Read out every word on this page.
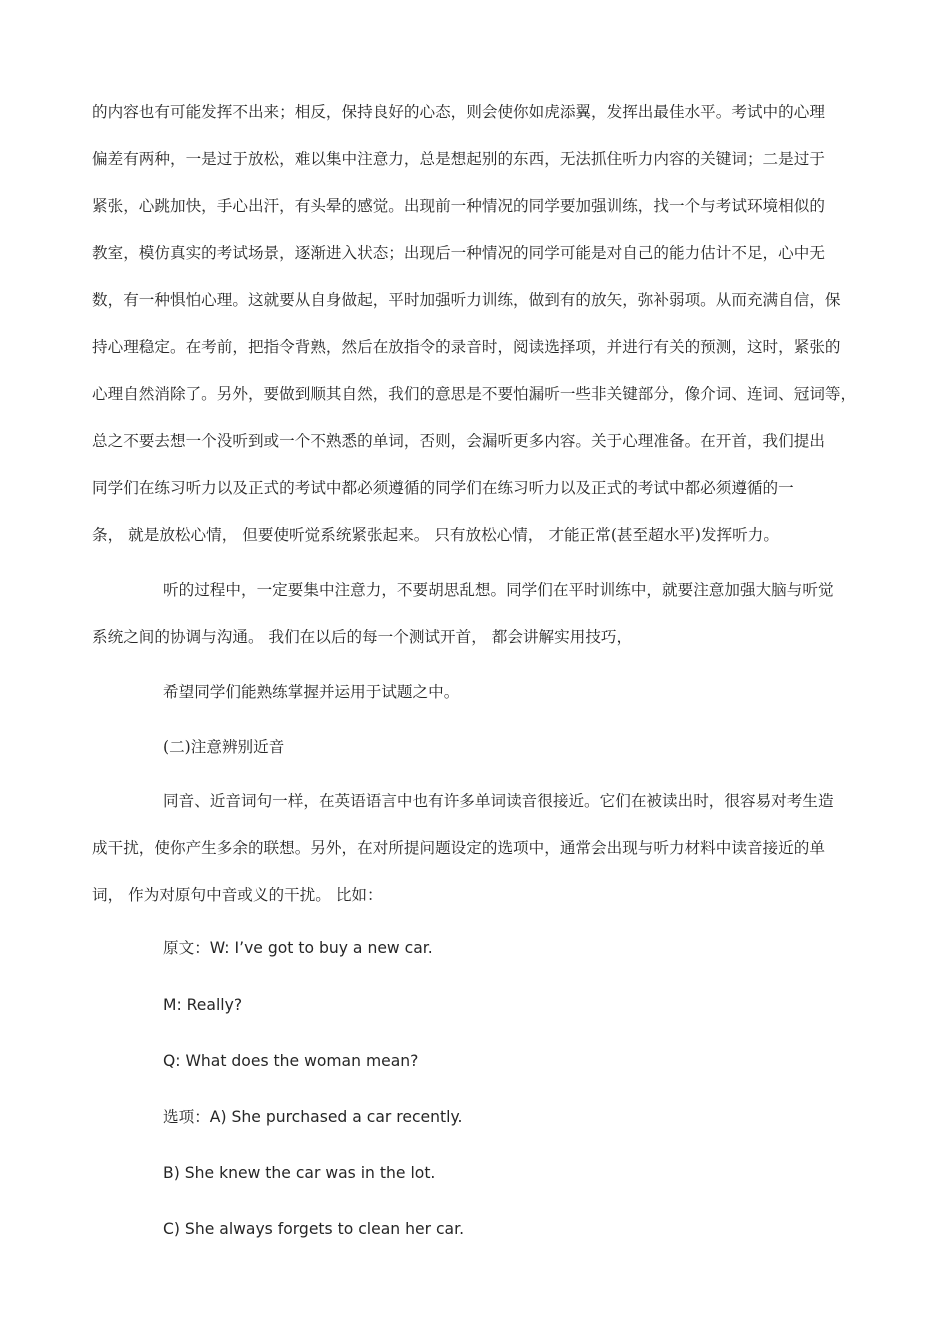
的内容也有可能发挥不出来；相反，保持良好的心态，则会使你如虎添翼，发挥出最佳水平。考试中的心理
偏差有两种，一是过于放松，难以集中注意力，总是想起别的东西，无法抓住听力内容的关键词；二是过于
紧张，心跳加快，手心出汗，有头晕的感觉。出现前一种情况的同学要加强训练，找一个与考试环境相似的
教室，模仿真实的考试场景，逐渐进入状态；出现后一种情况的同学可能是对自己的能力估计不足，心中无
数，有一种惧怕心理。这就要从自身做起，平时加强听力训练，做到有的放矢，弥补弱项。从而充满自信，保
持心理稳定。在考前，把指令背熟，然后在放指令的录音时，阅读选择项，并进行有关的预测，这时，紧张的
心理自然消除了。另外，要做到顺其自然，我们的意思是不要怕漏听一些非关键部分，像介词、连词、冠词等，
总之不要去想一个没听到或一个不熟悉的单词，否则，会漏听更多内容。关于心理准备。在开首，我们提出
同学们在练习听力以及正式的考试中都必须遵循的同学们在练习听力以及正式的考试中都必须遵循的一
条， 就是放松心情， 但要使听觉系统紧张起来。 只有放松心情， 才能正常(甚至超水平)发挥听力。
听的过程中，一定要集中注意力，不要胡思乱想。同学们在平时训练中，就要注意加强大脑与听觉
系统之间的协调与沟通。 我们在以后的每一个测试开首， 都会讲解实用技巧，
希望同学们能熟练掌握并运用于试题之中。
(二)注意辨别近音
同音、近音词句一样，在英语语言中也有许多单词读音很接近。它们在被读出时，很容易对考生造
成干扰，使你产生多余的联想。另外，在对所提问题设定的选项中，通常会出现与听力材料中读音接近的单
词， 作为对原句中音或义的干扰。 比如：
原文：W: I’ve got to buy a new car.
M: Really?
Q: What does the woman mean?
选项：A) She purchased a car recently.
B) She knew the car was in the lot.
C) She always forgets to clean her car.
